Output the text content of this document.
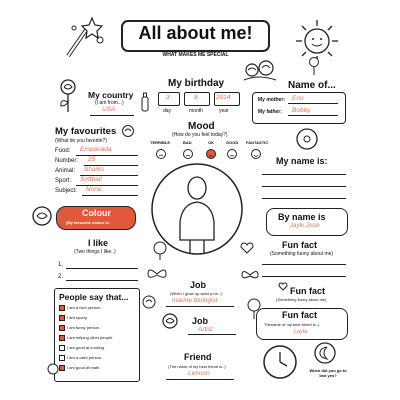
All about me!
WHAT MAKES ME SPECIAL
My country
(I am from...)
USA
My birthday
3	8	2014
day	month	year
Name of...
My mother: Erin
My father: Bobby
My favourites
(What do you favorite?)
Food: Empanada
Number: 25
Animal: Sharks
Sport: Softball
Subject: None
Mood
(How do you feel today?)
TERRIBLE	BAD	OK	GOOD FANTASTIC
My name is:
Colour
(My favourite colour is.
By name is
Jayle Josie
I like
(Two things I like..)
1.
2.
Fun fact
(Something funny about me)
Job
(When I grow up want a be...)
marine biologist
Fun fact
(Something funny about me)
People say that...
I am a nice person..
I am sporty.
I am funny person.
I am helping other people.
I am good at cooking.
I am a calm person.
I am good at math.
Job
Artist
Fun fact
Thename of my best friend is..)
Layla
Friend
(The name of my best friend is..)
Lennon	When did you go to bed yes?
